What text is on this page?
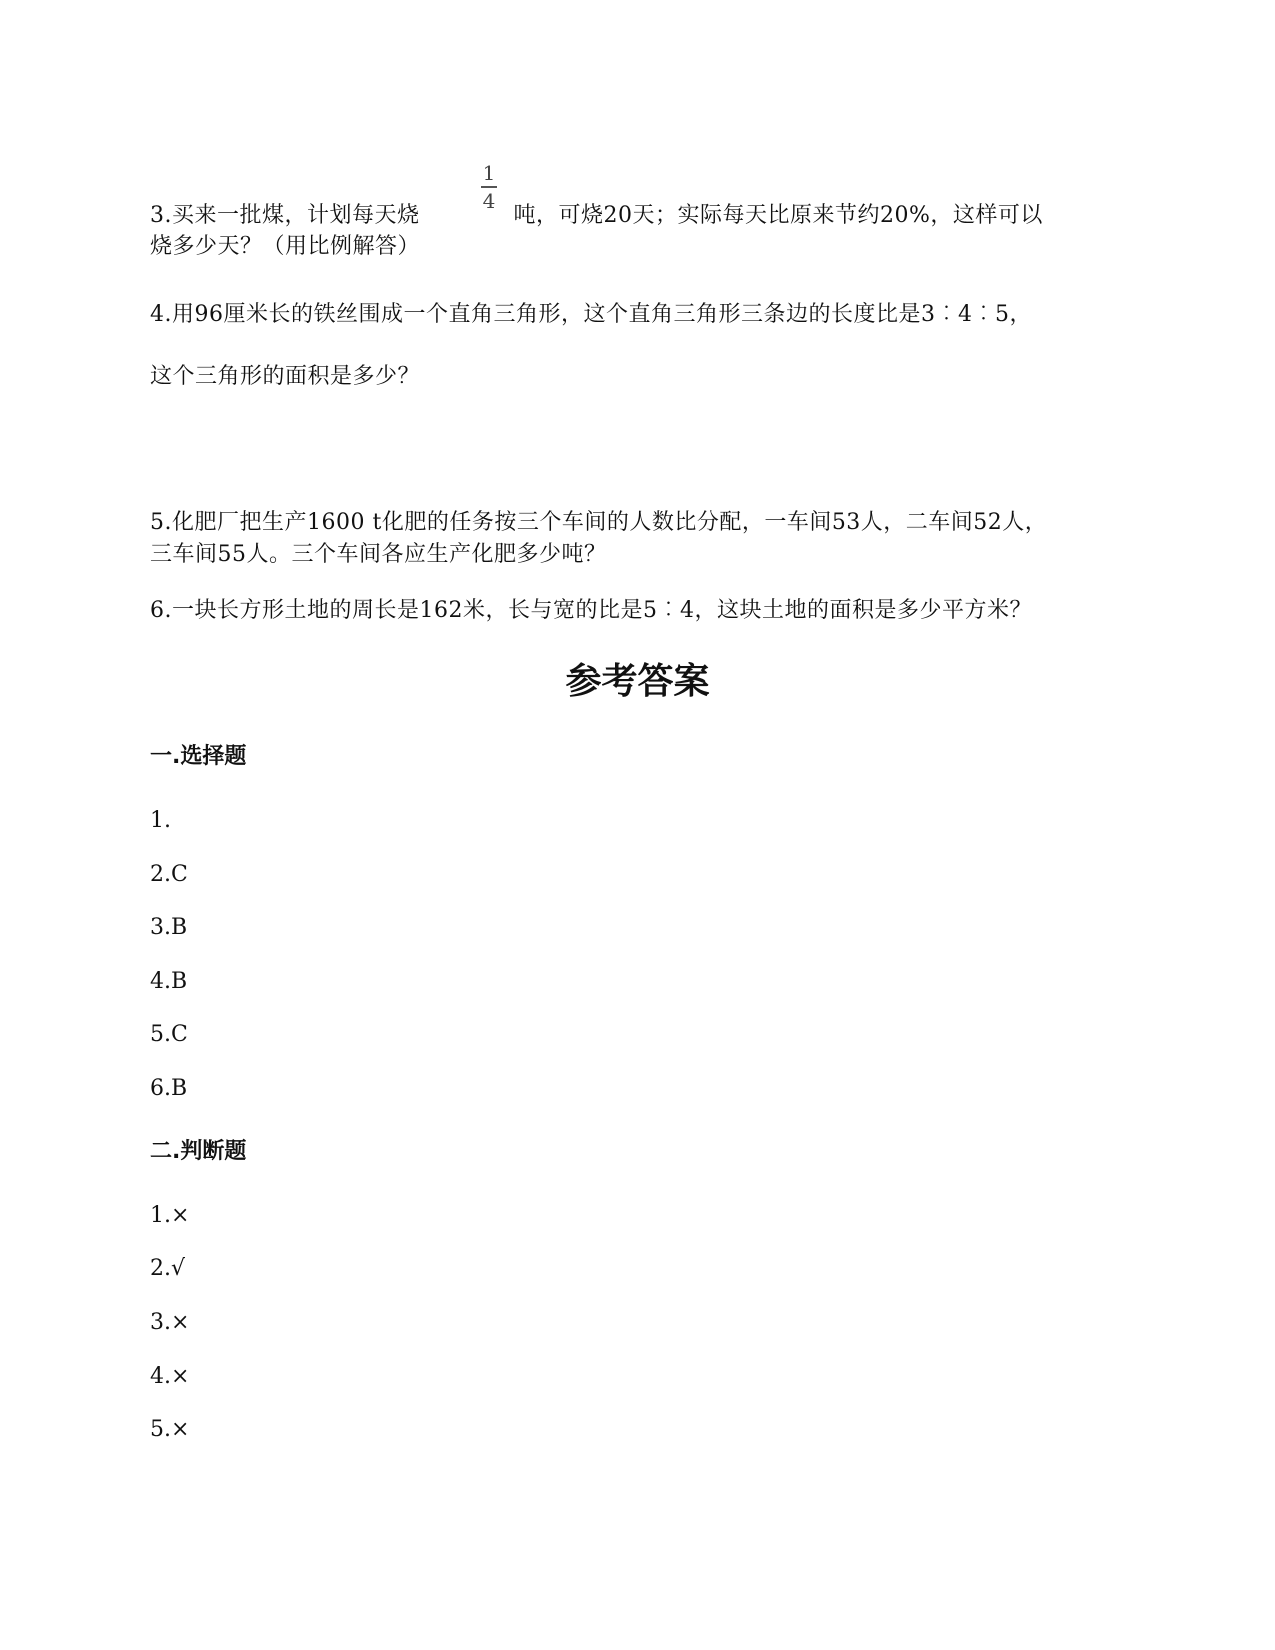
1
4
3.买来一批煤，计划每天烧	吨，可烧20天；实际每天比原来节约20%，这样可以
烧多少天？（用比例解答）
4.用96厘米长的铁丝围成一个直角三角形，这个直角三角形三条边的长度比是3︰4︰5，
这个三角形的面积是多少？
5.化肥厂把生产1600 t化肥的任务按三个车间的人数比分配，一车间53人，二车间52人，
三车间55人。三个车间各应生产化肥多少吨？
6.一块长方形土地的周长是162米，长与宽的比是5︰4，这块土地的面积是多少平方米？
参考答案
一.选择题
1.
2.C
3.B
4.B
5.C
6.B
二.判断题
1.×
2.√
3.×
4.×
5.×
